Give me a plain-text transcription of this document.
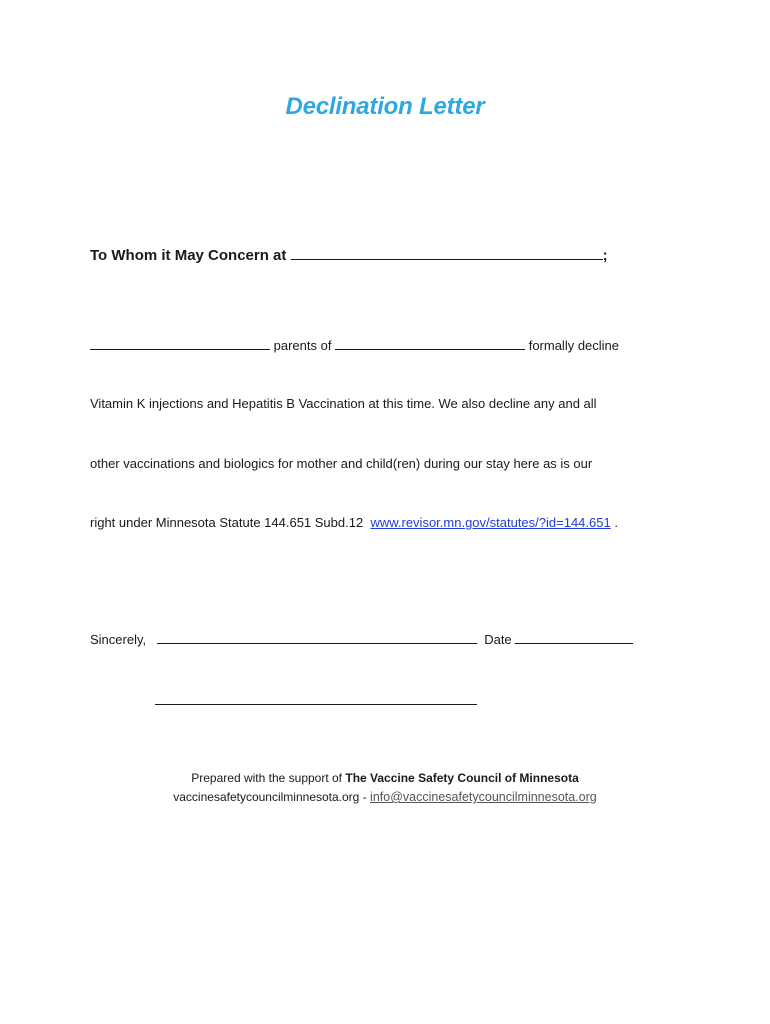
Declination Letter
To Whom it May Concern at	;
parents of	formally decline
Vitamin K injections and Hepatitis B Vaccination at this time. We also decline any and all
other vaccinations and biologics for mother and child(ren) during our stay here as is our
right under Minnesota Statute 144.651 Subd.12 www.revisor.mn.gov/statutes/?id=144.651 .
Sincerely,	Date
Prepared with the support of The Vaccine Safety Council of Minnesota
vaccinesafetycouncilminnesota.org - info@vaccinesafetycouncilminnesota.org
